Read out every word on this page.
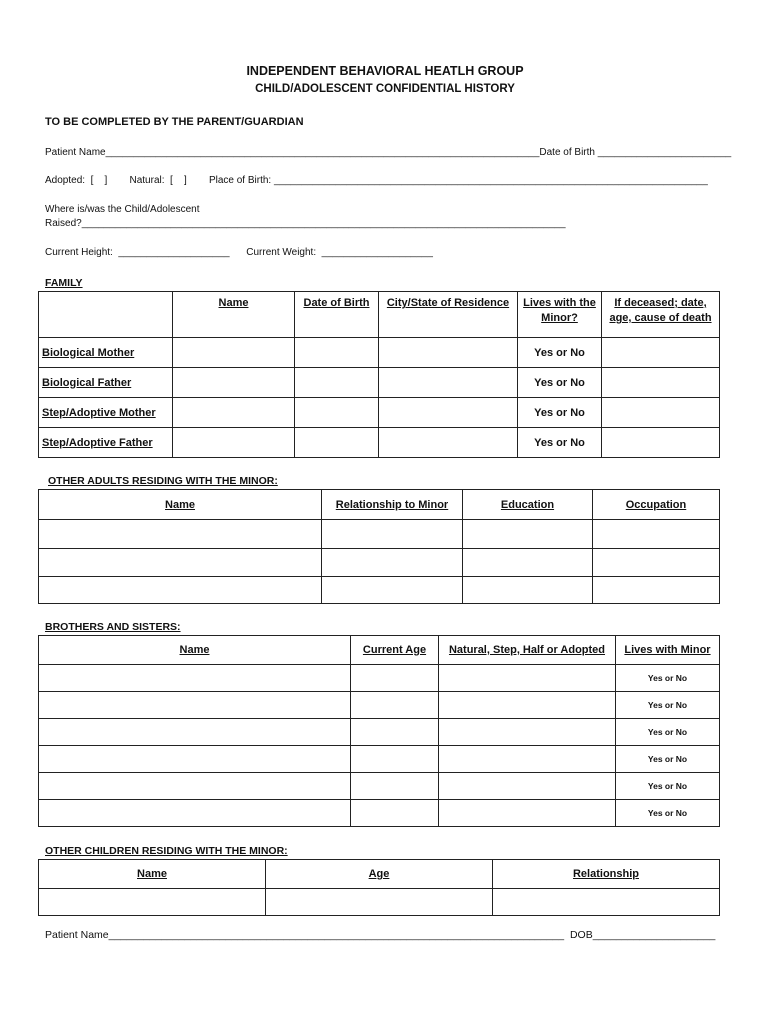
INDEPENDENT BEHAVIORAL HEATLH GROUP
CHILD/ADOLESCENT CONFIDENTIAL HISTORY
TO BE COMPLETED BY THE PARENT/GUARDIAN
Patient Name______________________________________________________________________________Date of Birth ________________________
Adopted:  [    ]        Natural:  [    ]        Place of Birth: ______________________________________________________________________________
Where is/was the Child/Adolescent
Raised?_______________________________________________________________________________________
Current Height:  ____________________      Current Weight:  ____________________
FAMILY
	Name	Date of Birth	City/State of Residence	Lives with the Minor?	If deceased; date, age, cause of death
Biological Mother				Yes or No	
Biological Father				Yes or No	
Step/Adoptive Mother				Yes or No	
Step/Adoptive Father				Yes or No	
OTHER ADULTS RESIDING WITH THE MINOR:
Name	Relationship to Minor	Education	Occupation

BROTHERS AND SISTERS:
Name	Current Age	Natural, Step, Half or Adopted	Lives with Minor
			Yes or No
			Yes or No
			Yes or No
			Yes or No
			Yes or No
			Yes or No
OTHER CHILDREN RESIDING WITH THE MINOR:
Name	Age	Relationship

Patient Name______________________________________________________________________________  DOB_____________________
